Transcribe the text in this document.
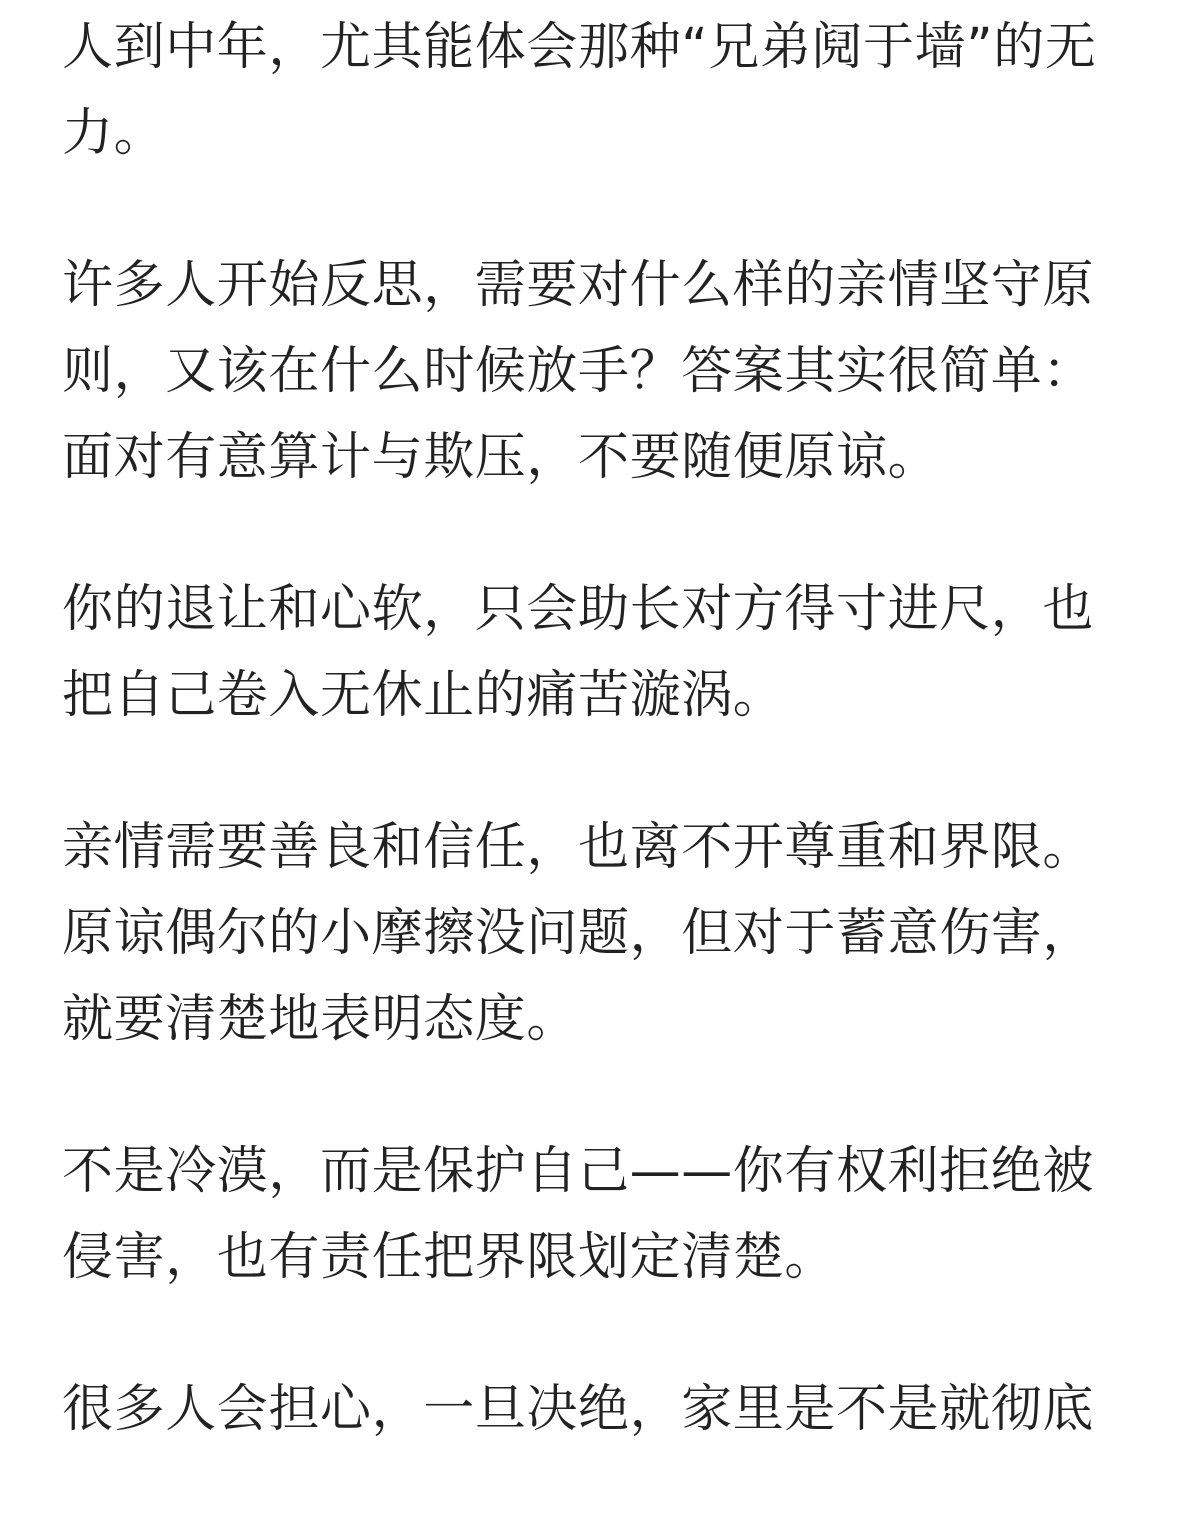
人到中年，尤其能体会那种“兄弟阋于墙”的无
力。
许多人开始反思，需要对什么样的亲情坚守原
则，又该在什么时候放手？答案其实很简单：
面对有意算计与欺压，不要随便原谅。
你的退让和心软，只会助长对方得寸进尺，也
把自己卷入无休止的痛苦漩涡。
亲情需要善良和信任，也离不开尊重和界限。
原谅偶尔的小摩擦没问题，但对于蓄意伤害，
就要清楚地表明态度。
不是冷漠，而是保护自己——你有权利拒绝被
侵害，也有责任把界限划定清楚。
很多人会担心，一旦决绝，家里是不是就彻底
